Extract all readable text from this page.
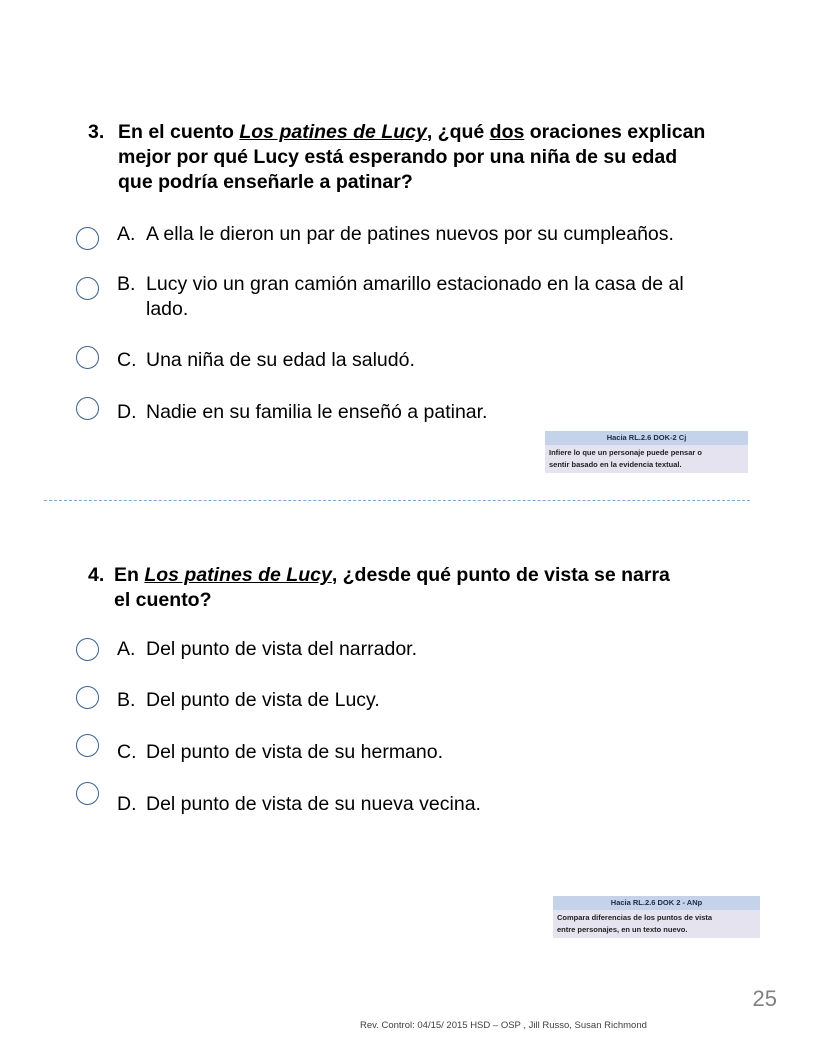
3. En el cuento Los patines de Lucy, ¿qué dos oraciones explican
mejor por qué Lucy está esperando por una niña de su edad
que podría enseñarle a patinar?
A. A ella le dieron un par de patines nuevos por su cumpleaños.
B. Lucy vio un gran camión amarillo estacionado en la casa de al
lado.
C. Una niña de su edad la saludó.
D. Nadie en su familia le enseñó a patinar.
Hacia RL.2.6 DOK-2 Cj
Infiere lo que un personaje puede pensar o
sentir basado en la evidencia textual.
4. En Los patines de Lucy, ¿desde qué punto de vista se narra
el cuento?
A. Del punto de vista del narrador.
B. Del punto de vista de Lucy.
C. Del punto de vista de su hermano.
D. Del punto de vista de su nueva vecina.
Hacia RL.2.6 DOK 2 - ANp
Compara diferencias de los puntos de vista
entre personajes, en un texto nuevo.
25
Rev. Control: 04/15/ 2015 HSD – OSP , Jill Russo, Susan Richmond
